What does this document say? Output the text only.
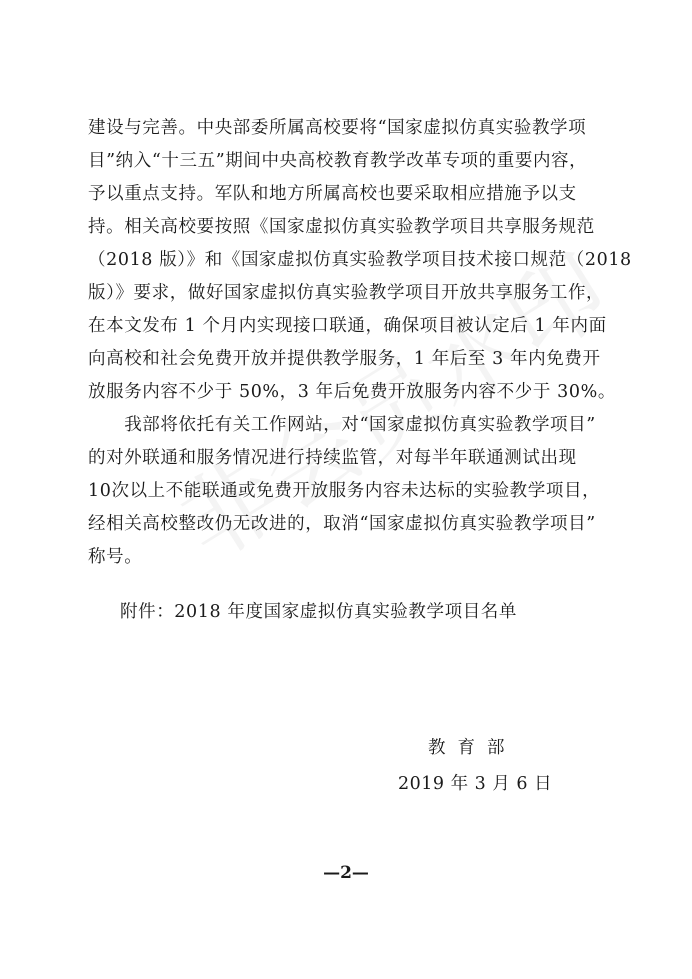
建设与完善。中央部委所属高校要将“国家虚拟仿真实验教学项
目”纳入“十三五”期间中央高校教育教学改革专项的重要内容，
予以重点支持。军队和地方所属高校也要采取相应措施予以支
持。相关高校要按照《国家虚拟仿真实验教学项目共享服务规范
（2018 版）》和《国家虚拟仿真实验教学项目技术接口规范（2018
版）》要求，做好国家虚拟仿真实验教学项目开放共享服务工作，
在本文发布 1 个月内实现接口联通，确保项目被认定后 1 年内面
向高校和社会免费开放并提供教学服务，1 年后至 3 年内免费开
放服务内容不少于 50%，3 年后免费开放服务内容不少于 30%。
　　我部将依托有关工作网站，对“国家虚拟仿真实验教学项目”
的对外联通和服务情况进行持续监管，对每半年联通测试出现
10次以上不能联通或免费开放服务内容未达标的实验教学项目，
经相关高校整改仍无改进的，取消“国家虚拟仿真实验教学项目”
称号。
附件：2018 年度国家虚拟仿真实验教学项目名单
教育部
2019 年 3 月 6 日
—2—
